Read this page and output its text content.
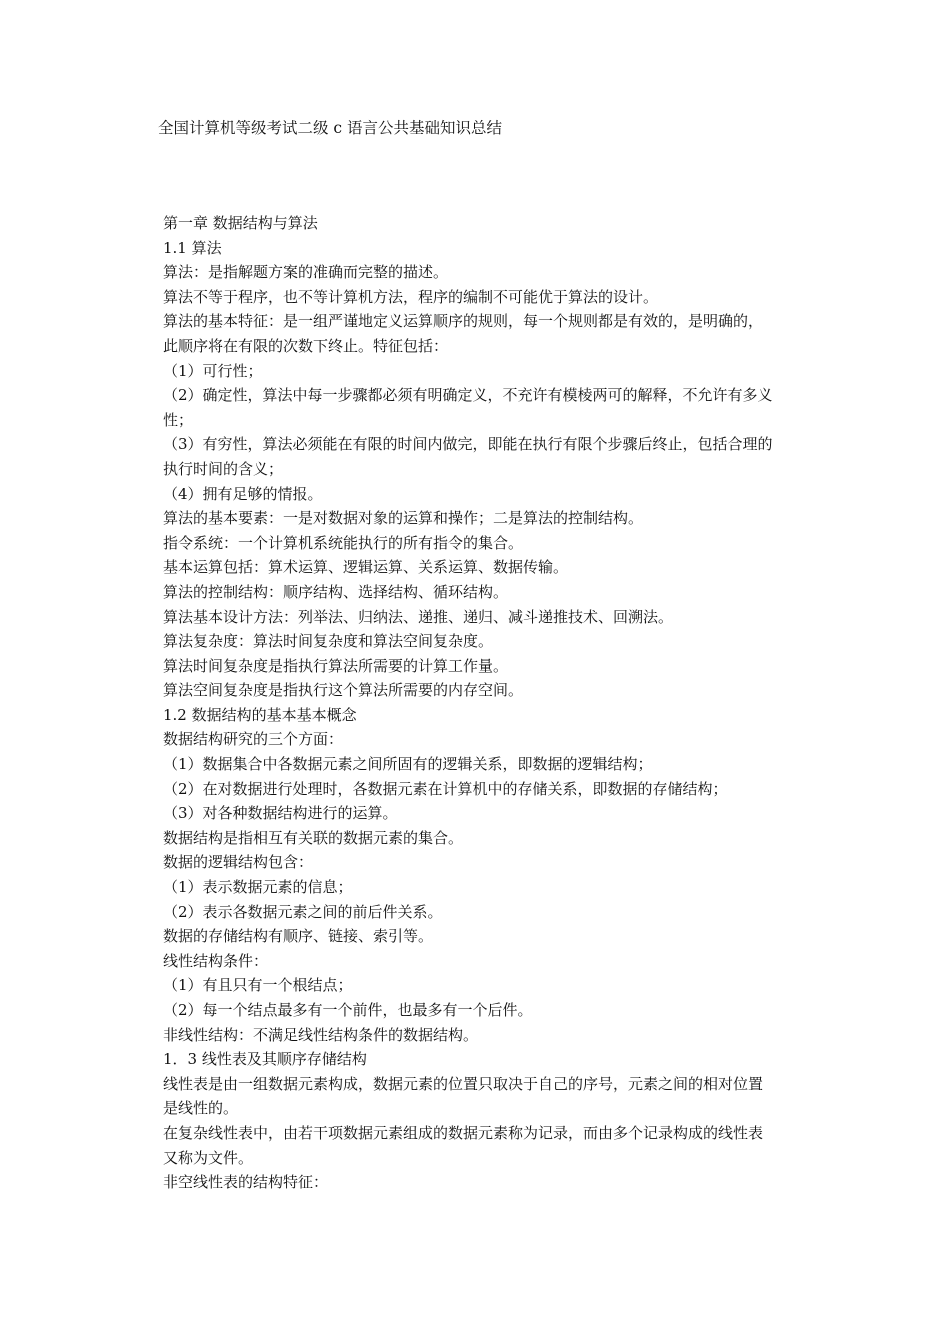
全国计算机等级考试二级 c 语言公共基础知识总结
第一章 数据结构与算法
1.1 算法
算法：是指解题方案的准确而完整的描述。
算法不等于程序，也不等计算机方法，程序的编制不可能优于算法的设计。
算法的基本特征：是一组严谨地定义运算顺序的规则，每一个规则都是有效的，是明确的，
此顺序将在有限的次数下终止。特征包括：
（1）可行性；
（2）确定性，算法中每一步骤都必须有明确定义，不充许有模棱两可的解释，不允许有多义
性；
（3）有穷性，算法必须能在有限的时间内做完，即能在执行有限个步骤后终止，包括合理的
执行时间的含义；
（4）拥有足够的情报。
算法的基本要素：一是对数据对象的运算和操作；二是算法的控制结构。
指令系统：一个计算机系统能执行的所有指令的集合。
基本运算包括：算术运算、逻辑运算、关系运算、数据传输。
算法的控制结构：顺序结构、选择结构、循环结构。
算法基本设计方法：列举法、归纳法、递推、递归、减斗递推技术、回溯法。
算法复杂度：算法时间复杂度和算法空间复杂度。
算法时间复杂度是指执行算法所需要的计算工作量。
算法空间复杂度是指执行这个算法所需要的内存空间。
1.2 数据结构的基本基本概念
数据结构研究的三个方面：
（1）数据集合中各数据元素之间所固有的逻辑关系，即数据的逻辑结构；
（2）在对数据进行处理时，各数据元素在计算机中的存储关系，即数据的存储结构；
（3）对各种数据结构进行的运算。
数据结构是指相互有关联的数据元素的集合。
数据的逻辑结构包含：
（1）表示数据元素的信息；
（2）表示各数据元素之间的前后件关系。
数据的存储结构有顺序、链接、索引等。
线性结构条件：
（1）有且只有一个根结点；
（2）每一个结点最多有一个前件，也最多有一个后件。
非线性结构：不满足线性结构条件的数据结构。
1．3 线性表及其顺序存储结构
线性表是由一组数据元素构成，数据元素的位置只取决于自己的序号，元素之间的相对位置
是线性的。
在复杂线性表中，由若干项数据元素组成的数据元素称为记录，而由多个记录构成的线性表
又称为文件。
非空线性表的结构特征：
